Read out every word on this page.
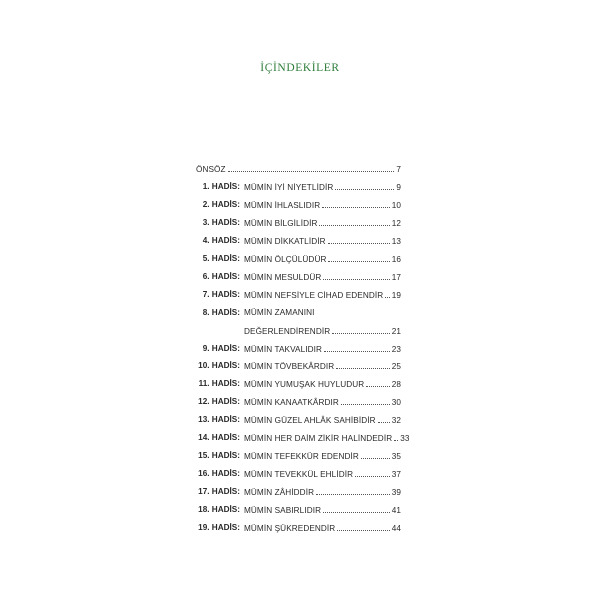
İÇİNDEKİLER
ÖNSÖZ	7
1. HADİS: MÜMİN İYİ NİYETLİDİR	9
2. HADİS: MÜMİN İHLASLIDIR	10
3. HADİS: MÜMİN BİLGİLİDİR	12
4. HADİS: MÜMİN DİKKATLİDİR	13
5. HADİS: MÜMİN ÖLÇÜLÜDÜR	16
6. HADİS: MÜMİN MESULDÜR	17
7. HADİS: MÜMİN NEFSİYLE CİHAD EDENDİR 19
8. HADİS: MÜMİN ZAMANINI
DEĞERLENDİRENDİR	21
9. HADİS: MÜMİN TAKVALIDIR	23
10. HADİS: MÜMİN TÖVBEKÂRDIR	25
11. HADİS: MÜMİN YUMUŞAK HUYLUDUR	28
12. HADİS: MÜMİN KANAATKÂRDIR	30
13. HADİS: MÜMİN GÜZEL AHLÂK SAHİBİDİR 32
14. HADİS: MÜMİN HER DAİM ZİKİR HALİNDEDİR 33
15. HADİS: MÜMİN TEFEKKÜR EDENDİR	35
16. HADİS: MÜMİN TEVEKKÜL EHLİDİR	37
17. HADİS: MÜMİN ZÂHİDDİR	39
18. HADİS: MÜMİN SABIRLIDIR	41
19. HADİS: MÜMİN ŞÜKREDENDİR	44
